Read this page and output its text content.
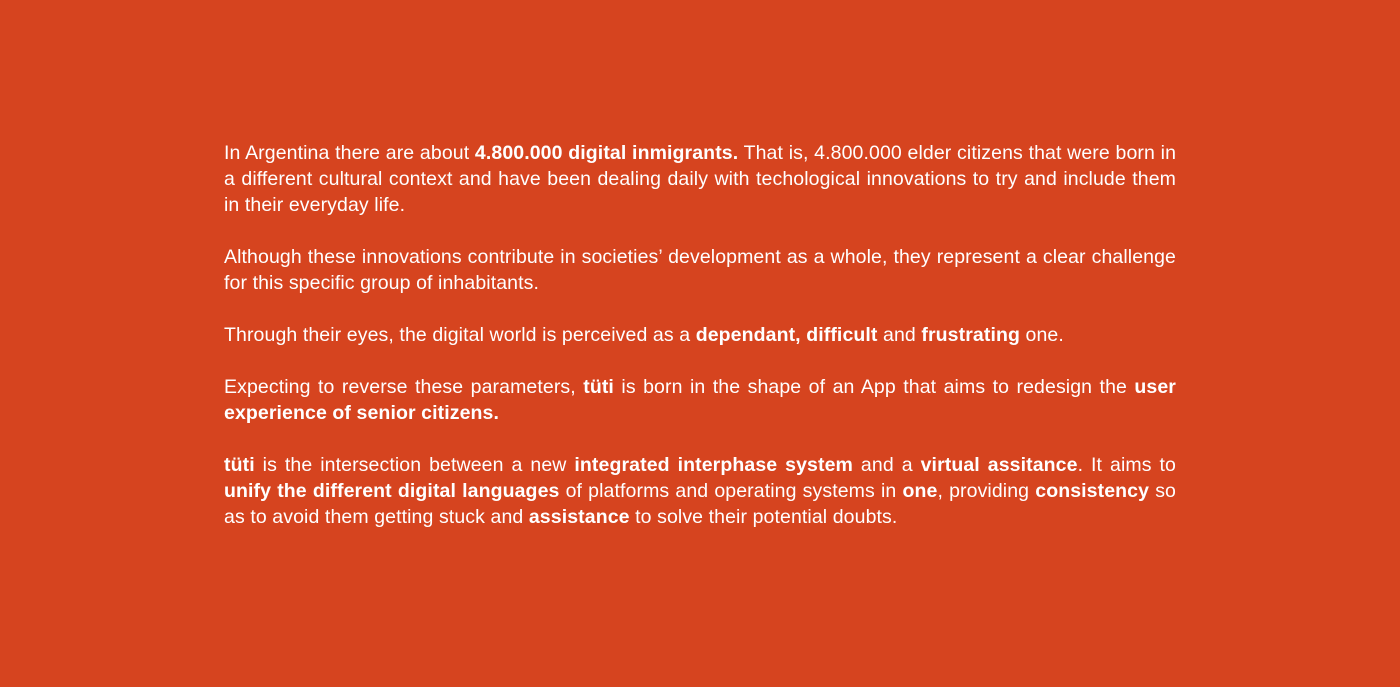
In Argentina there are about 4.800.000 digital inmigrants. That is, 4.800.000 elder citizens that were born in a different cultural context and have been dealing daily with techological innovations to try and include them in their everyday life.

Although these innovations contribute in societies’ development as a whole, they represent a clear challenge for this specific group of inhabitants.

Through their eyes, the digital world is perceived as a dependant, difficult and frustrating one.

Expecting to reverse these parameters, tüti is born in the shape of an App that aims to redesign the user experience of senior citizens.

tüti is the intersection between a new integrated interphase system and a virtual assitance. It aims to unify the different digital languages of platforms and operating systems in one, providing consistency so as to avoid them getting stuck and assistance to solve their potential doubts.
